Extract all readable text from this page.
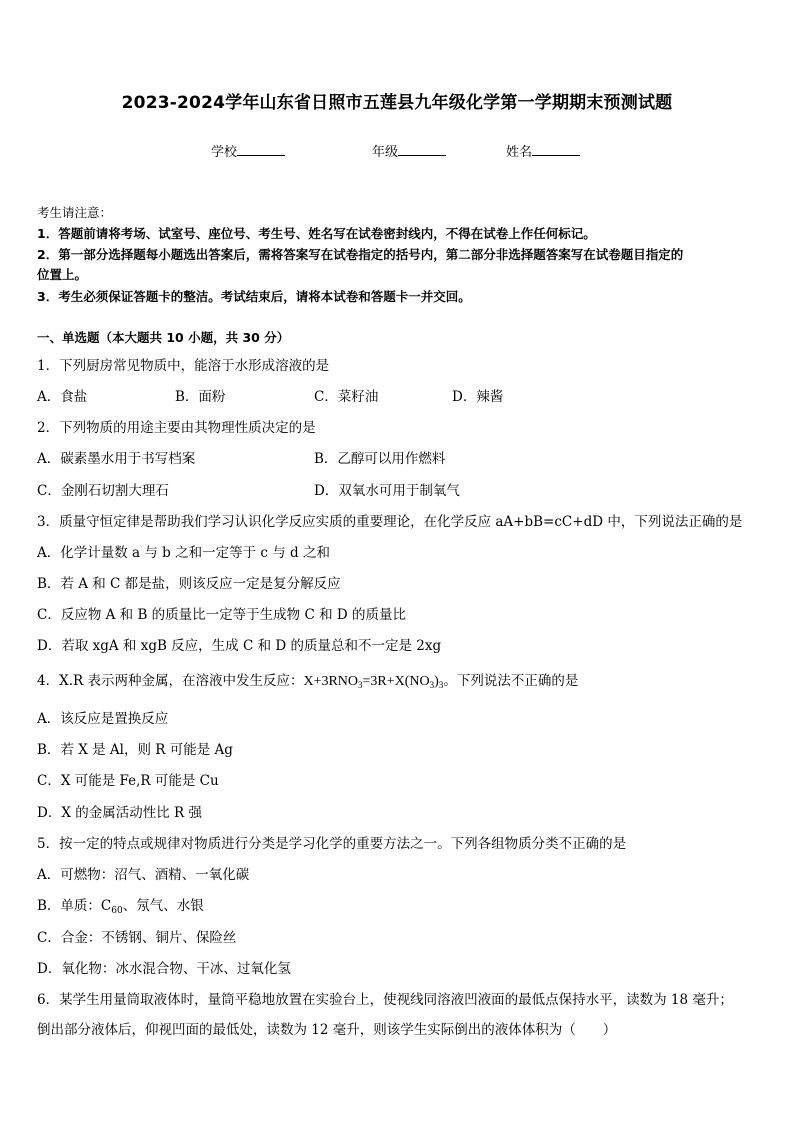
2023-2024学年山东省日照市五莲县九年级化学第一学期期末预测试题
学校	年级	姓名
考生请注意：
1．答题前请将考场、试室号、座位号、考生号、姓名写在试卷密封线内，不得在试卷上作任何标记。
2．第一部分选择题每小题选出答案后，需将答案写在试卷指定的括号内，第二部分非选择题答案写在试卷题目指定的
位置上。
3．考生必须保证答题卡的整洁。考试结束后，请将本试卷和答题卡一并交回。
一、单选题（本大题共 10 小题，共 30 分）
1．下列厨房常见物质中，能溶于水形成溶液的是
A．食盐	B．面粉	C．菜籽油	D．辣酱
2．下列物质的用途主要由其物理性质决定的是
A．碳素墨水用于书写档案	B．乙醇可以用作燃料
C．金刚石切割大理石	D．双氧水可用于制氧气
3．质量守恒定律是帮助我们学习认识化学反应实质的重要理论，在化学反应 aA+bB=cC+dD 中，下列说法正确的是
A．化学计量数 a 与 b 之和一定等于 c 与 d 之和
B．若 A 和 C 都是盐，则该反应一定是复分解反应
C．反应物 A 和 B 的质量比一定等于生成物 C 和 D 的质量比
D．若取 xgA 和 xgB 反应，生成 C 和 D 的质量总和不一定是 2xg
4．X.R 表示两种金属，在溶液中发生反应：$X+3RNO_3=3R+X(NO_3)_3$。下列说法不正确的是
A．该反应是置换反应
B．若 X 是 Al，则 R 可能是 Ag
C．X 可能是 Fe,R 可能是 Cu
D．X 的金属活动性比 R 强
5．按一定的特点或规律对物质进行分类是学习化学的重要方法之一。下列各组物质分类不正确的是
A．可燃物：沼气、酒精、一氧化碳
B．单质：$C_{60}$、氖气、水银
C．合金：不锈钢、铜片、保险丝
D．氧化物：冰水混合物、干冰、过氧化氢
6．某学生用量筒取液体时，量筒平稳地放置在实验台上，使视线同溶液凹液面的最低点保持水平，读数为 18 毫升；
倒出部分液体后，仰视凹面的最低处，读数为 12 毫升，则该学生实际倒出的液体体积为（　　）
